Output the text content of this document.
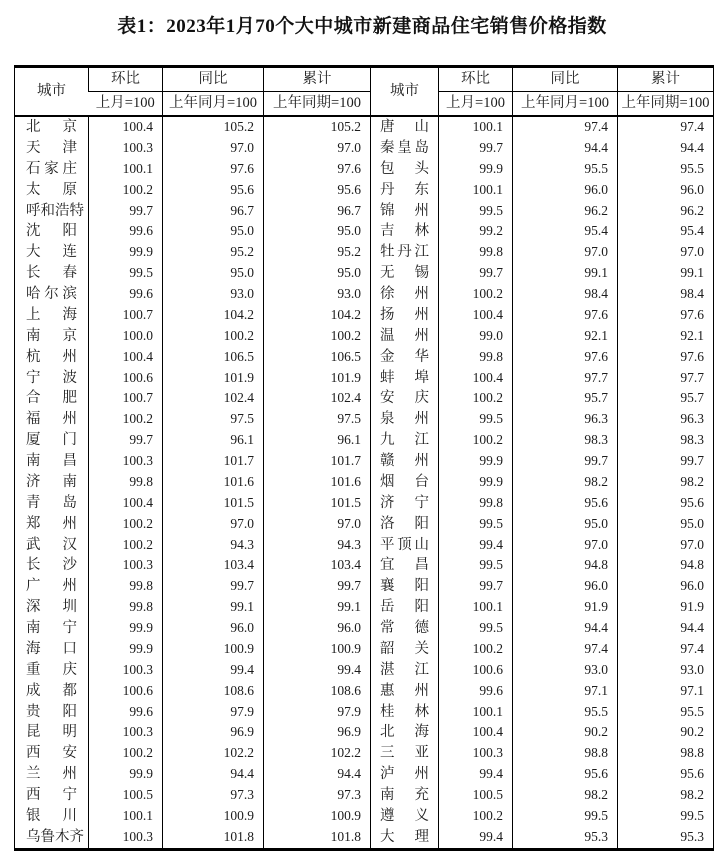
表1：2023年1月70个大中城市新建商品住宅销售价格指数
城市	环比	同比	累计	城市	环比	同比	累计
	上月=100	上年同月=100	上年同期=100		上月=100	上年同月=100	上年同期=100
北京	100.4	105.2	105.2	唐山	100.1	97.4	97.4
天津	100.3	97.0	97.0	秦皇岛	99.7	94.4	94.4
石家庄	100.1	97.6	97.6	包头	99.9	95.5	95.5
太原	100.2	95.6	95.6	丹东	100.1	96.0	96.0
呼和浩特	99.7	96.7	96.7	锦州	99.5	96.2	96.2
沈阳	99.6	95.0	95.0	吉林	99.2	95.4	95.4
大连	99.9	95.2	95.2	牡丹江	99.8	97.0	97.0
长春	99.5	95.0	95.0	无锡	99.7	99.1	99.1
哈尔滨	99.6	93.0	93.0	徐州	100.2	98.4	98.4
上海	100.7	104.2	104.2	扬州	100.4	97.6	97.6
南京	100.0	100.2	100.2	温州	99.0	92.1	92.1
杭州	100.4	106.5	106.5	金华	99.8	97.6	97.6
宁波	100.6	101.9	101.9	蚌埠	100.4	97.7	97.7
合肥	100.7	102.4	102.4	安庆	100.2	95.7	95.7
福州	100.2	97.5	97.5	泉州	99.5	96.3	96.3
厦门	99.7	96.1	96.1	九江	100.2	98.3	98.3
南昌	100.3	101.7	101.7	赣州	99.9	99.7	99.7
济南	99.8	101.6	101.6	烟台	99.9	98.2	98.2
青岛	100.4	101.5	101.5	济宁	99.8	95.6	95.6
郑州	100.2	97.0	97.0	洛阳	99.5	95.0	95.0
武汉	100.2	94.3	94.3	平顶山	99.4	97.0	97.0
长沙	100.3	103.4	103.4	宜昌	99.5	94.8	94.8
广州	99.8	99.7	99.7	襄阳	99.7	96.0	96.0
深圳	99.8	99.1	99.1	岳阳	100.1	91.9	91.9
南宁	99.9	96.0	96.0	常德	99.5	94.4	94.4
海口	99.9	100.9	100.9	韶关	100.2	97.4	97.4
重庆	100.3	99.4	99.4	湛江	100.6	93.0	93.0
成都	100.6	108.6	108.6	惠州	99.6	97.1	97.1
贵阳	99.6	97.9	97.9	桂林	100.1	95.5	95.5
昆明	100.3	96.9	96.9	北海	100.4	90.2	90.2
西安	100.2	102.2	102.2	三亚	100.3	98.8	98.8
兰州	99.9	94.4	94.4	泸州	99.4	95.6	95.6
西宁	100.5	97.3	97.3	南充	100.5	98.2	98.2
银川	100.1	100.9	100.9	遵义	100.2	99.5	99.5
乌鲁木齐	100.3	101.8	101.8	大理	99.4	95.3	95.3
